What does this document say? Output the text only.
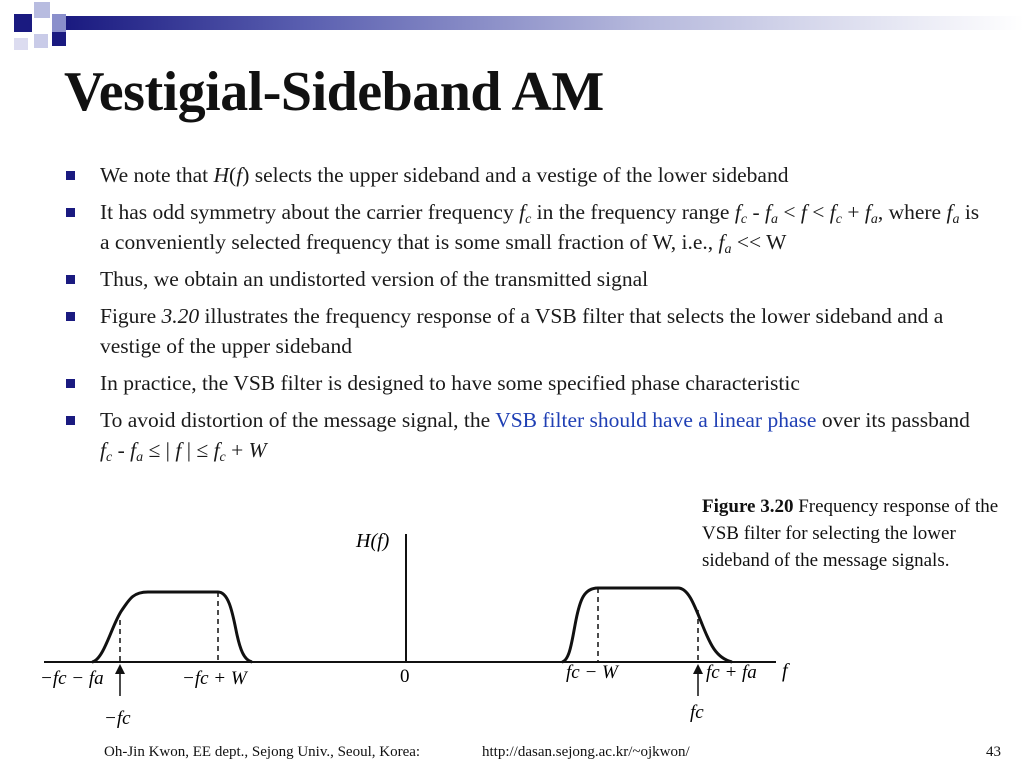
Vestigial-Sideband AM
We note that H(f) selects the upper sideband and a vestige of the lower sideband
It has odd symmetry about the carrier frequency $f_c$ in the frequency range $f_c - f_a < f < f_c + f_a$, where $f_a$ is a conveniently selected frequency that is some small fraction of W, i.e., $f_a << W$
Thus, we obtain an undistorted version of the transmitted signal
Figure 3.20 illustrates the frequency response of a VSB filter that selects the lower sideband and a vestige of the upper sideband
In practice, the VSB filter is designed to have some specified phase characteristic
To avoid distortion of the message signal, the VSB filter should have a linear phase over its passband $f_c - f_a$ ≤ | f | ≤ $f_c + W$
Figure 3.20 Frequency response of the VSB filter for selecting the lower sideband of the message signals.
H(f)
f
0
−fc − fa	−fc + W
−fc
fc − W	fc + fa
fc
Oh-Jin Kwon, EE dept., Sejong Univ., Seoul, Korea:	http://dasan.sejong.ac.kr/~ojkwon/	43
